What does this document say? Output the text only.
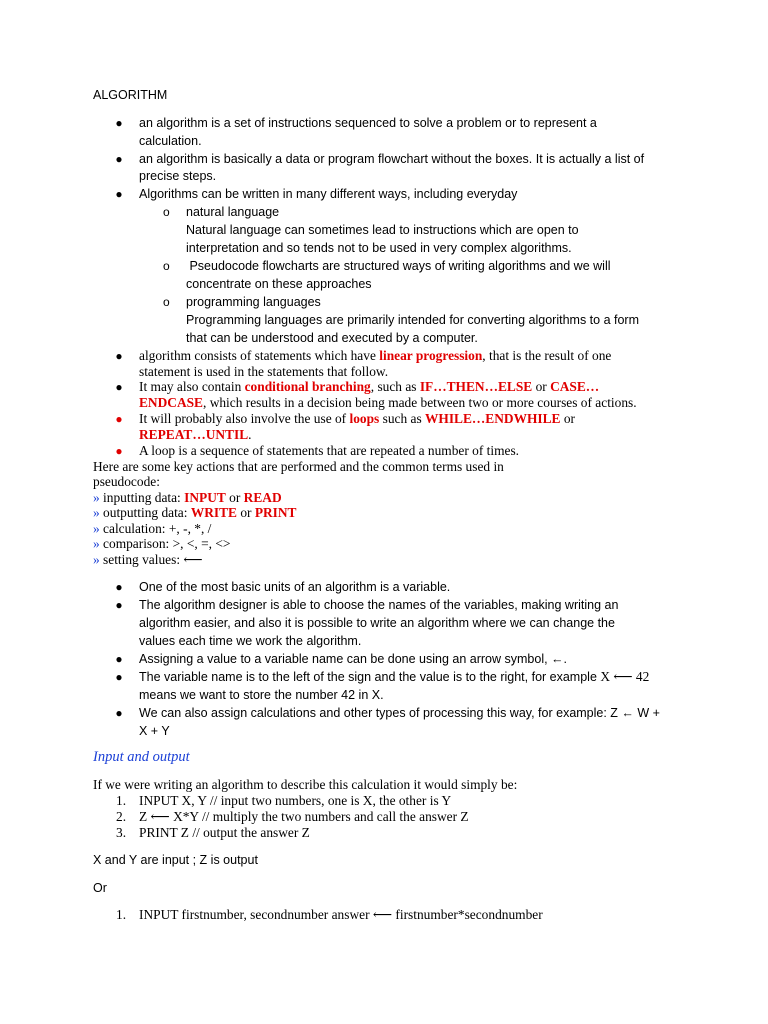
ALGORITHM
● an algorithm is a set of instructions sequenced to solve a problem or to represent a
calculation.
● an algorithm is basically a data or program flowchart without the boxes. It is actually a list of
precise steps.
● Algorithms can be written in many different ways, including everyday
o natural language
Natural language can sometimes lead to instructions which are open to
interpretation and so tends not to be used in very complex algorithms.
o Pseudocode flowcharts are structured ways of writing algorithms and we will
concentrate on these approaches
o programming languages
Programming languages are primarily intended for converting algorithms to a form
that can be understood and executed by a computer.
● algorithm consists of statements which have linear progression, that is the result of one
statement is used in the statements that follow.
● It may also contain conditional branching, such as IF…THEN…ELSE or CASE…
ENDCASE, which results in a decision being made between two or more courses of actions.
● It will probably also involve the use of loops such as WHILE…ENDWHILE or
REPEAT…UNTIL.
● A loop is a sequence of statements that are repeated a number of times.
Here are some key actions that are performed and the common terms used in
pseudocode:
» inputting data: INPUT or READ
» outputting data: WRITE or PRINT
» calculation: +, -, *, /
» comparison: >, <, =, <>
» setting values: ⟵
● One of the most basic units of an algorithm is a variable.
● The algorithm designer is able to choose the names of the variables, making writing an
algorithm easier, and also it is possible to write an algorithm where we can change the
values each time we work the algorithm.
● Assigning a value to a variable name can be done using an arrow symbol, ←.
● The variable name is to the left of the sign and the value is to the right, for example X ⟵ 42
means we want to store the number 42 in X.
● We can also assign calculations and other types of processing this way, for example: Z ← W +
X + Y
Input and output
If we were writing an algorithm to describe this calculation it would simply be:
1. INPUT X, Y // input two numbers, one is X, the other is Y
2. Z ⟵ X*Y // multiply the two numbers and call the answer Z
3. PRINT Z // output the answer Z
X and Y are input ; Z is output
Or
1. INPUT firstnumber, secondnumber answer ⟵ firstnumber*secondnumber
